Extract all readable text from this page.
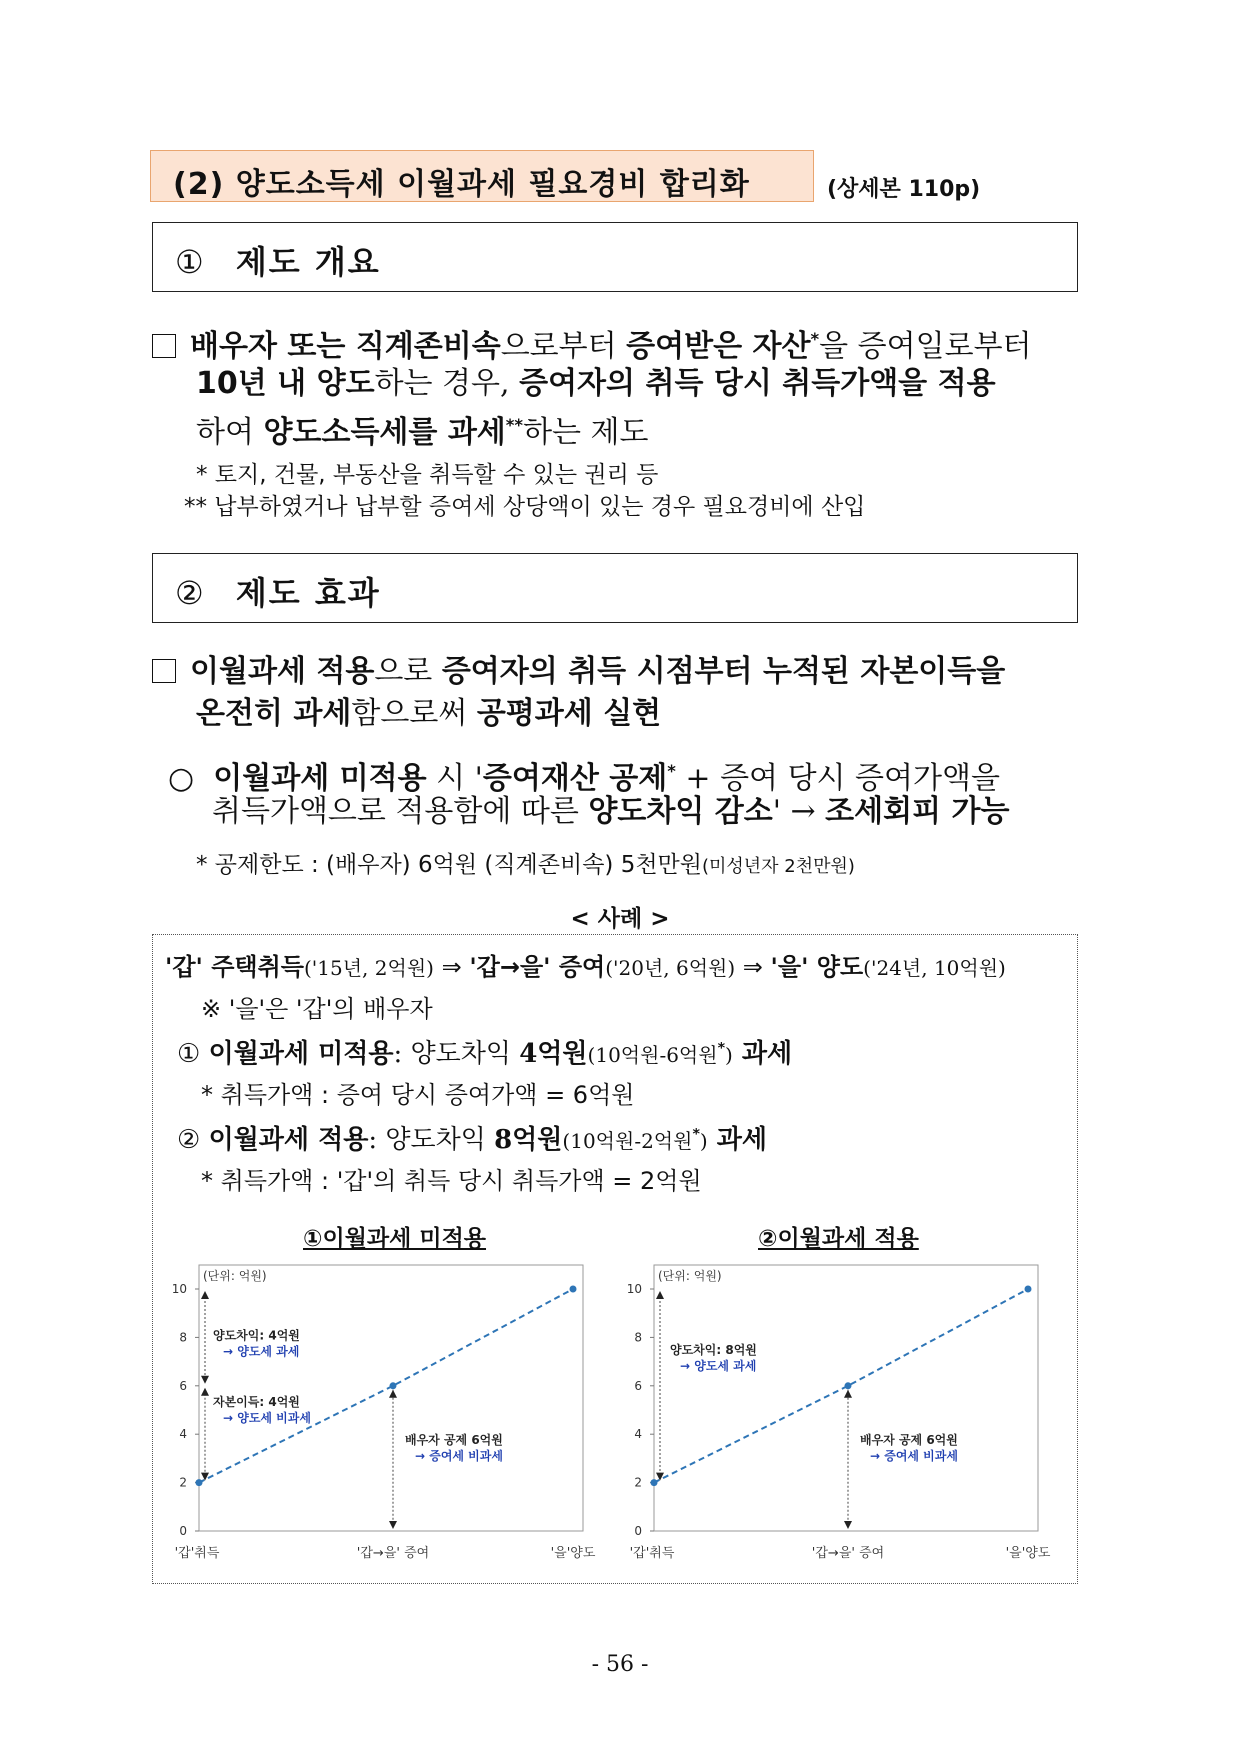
(2) 양도소득세 이월과세 필요경비 합리화	(상세본 110p)
① 제도 개요
배우자 또는 직계존비속으로부터 증여받은 자산*을 증여일로부터
10년 내 양도하는 경우, 증여자의 취득 당시 취득가액을 적용
하여 양도소득세를 과세**하는 제도
* 토지, 건물, 부동산을 취득할 수 있는 권리 등
** 납부하였거나 납부할 증여세 상당액이 있는 경우 필요경비에 산입
② 제도 효과
이월과세 적용으로 증여자의 취득 시점부터 누적된 자본이득을
온전히 과세함으로써 공평과세 실현
○ 이월과세 미적용 시 '증여재산 공제* + 증여 당시 증여가액을
취득가액으로 적용함에 따른 양도차익 감소' → 조세회피 가능
* 공제한도 : (배우자) 6억원 (직계존비속) 5천만원(미성년자 2천만원)
< 사례 >
'갑' 주택취득('15년, 2억원) ⇒ '갑→을' 증여('20년, 6억원) ⇒ '을' 양도('24년, 10억원)
※ '을'은 '갑'의 배우자
① 이월과세 미적용: 양도차익 4억원(10억원-6억원*) 과세
* 취득가액 : 증여 당시 증여가액 = 6억원
② 이월과세 적용: 양도차익 8억원(10억원-2억원*) 과세
* 취득가액 : '갑'의 취득 당시 취득가액 = 2억원
①이월과세 미적용	②이월과세 적용
(단위: 억원)
0
2
4
6
8
10
'갑'취득	'갑→을' 증여	'을'양도
양도차익: 4억원
→ 양도세 과세
자본이득: 4억원
→ 양도세 비과세
배우자 공제 6억원
→ 증여세 비과세
(단위: 억원)
0
2
4
6
8
10
'갑'취득	'갑→을' 증여	'을'양도
양도차익: 8억원
→ 양도세 과세
배우자 공제 6억원
→ 증여세 비과세
- 56 -
